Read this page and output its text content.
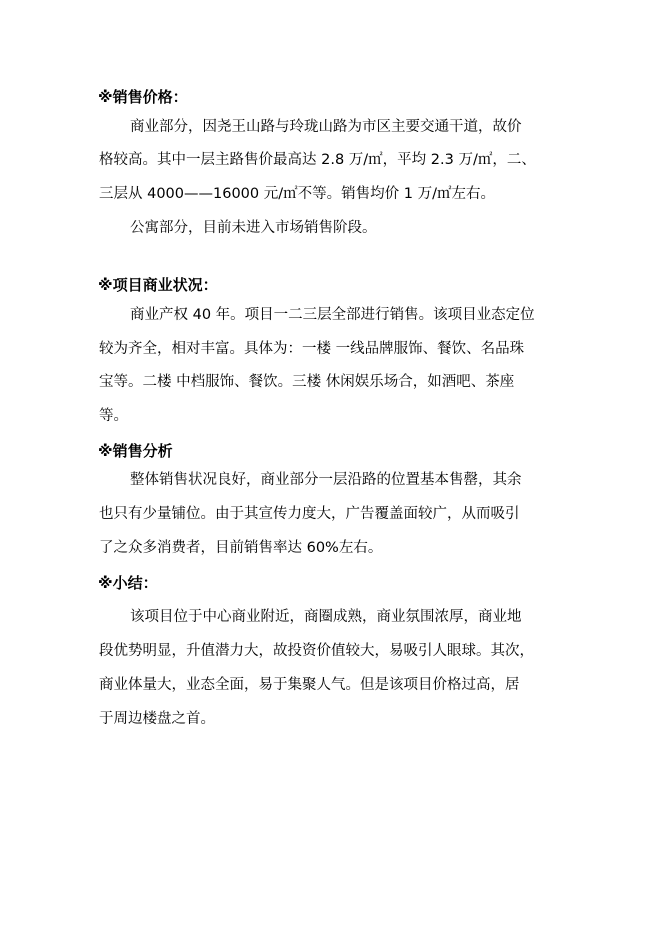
※销售价格：
商业部分，因尧王山路与玲珑山路为市区主要交通干道，故价
格较高。其中一层主路售价最高达 2.8 万/㎡，平均 2.3 万/㎡，二、
三层从 4000——16000 元/㎡不等。销售均价 1 万/㎡左右。
公寓部分，目前未进入市场销售阶段。
※项目商业状况：
商业产权 40 年。项目一二三层全部进行销售。该项目业态定位
较为齐全，相对丰富。具体为：一楼 一线品牌服饰、餐饮、名品珠
宝等。二楼 中档服饰、餐饮。三楼 休闲娱乐场合，如酒吧、茶座
等。
※销售分析
整体销售状况良好，商业部分一层沿路的位置基本售罄，其余
也只有少量铺位。由于其宣传力度大，广告覆盖面较广，从而吸引
了之众多消费者，目前销售率达 60%左右。
※小结：
该项目位于中心商业附近，商圈成熟，商业氛围浓厚，商业地
段优势明显，升值潜力大，故投资价值较大，易吸引人眼球。其次，
商业体量大，业态全面，易于集聚人气。但是该项目价格过高，居
于周边楼盘之首。
